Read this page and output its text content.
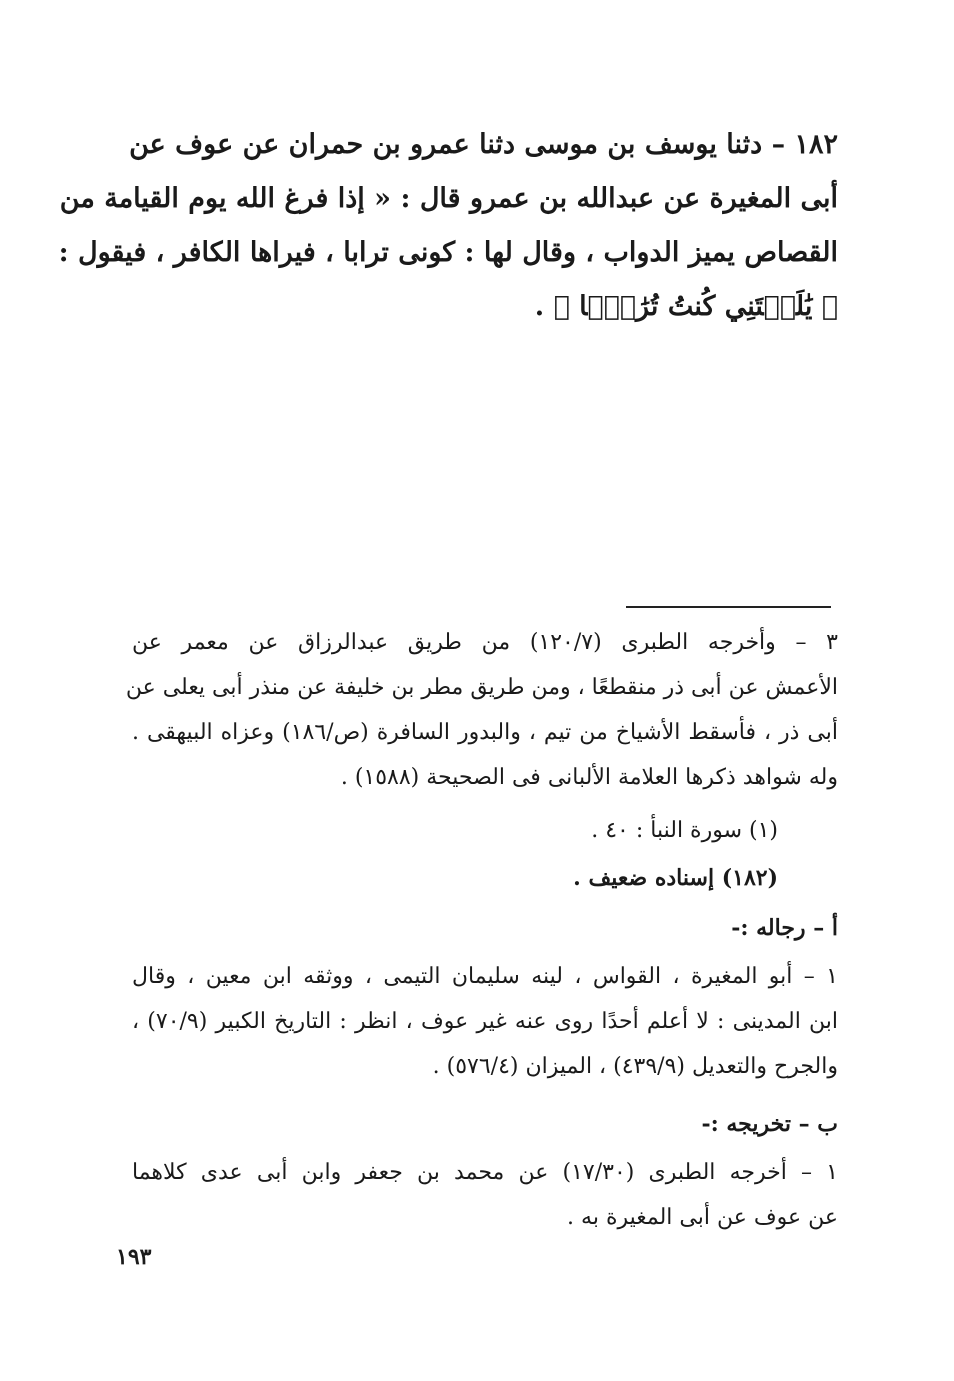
١٨٢ – دثنا يوسف بن موسى دثنا عمرو بن حمران عن عوف عن
أبى المغيرة عن عبدالله بن عمرو قال : « إذا فرغ الله يوم القيامة من
القصاص يميز الدواب ، وقال لها : كونى ترابا ، فيراها الكافر ، فيقول :
﴿ يَٰلَيۡتَنِي كُنتُ تُرَٰبَۢا ﴾ .
٣ – وأخرجه الطبرى (١٢٠/٧) من طريق عبدالرزاق عن معمر عن
الأعمش عن أبى ذر منقطعًا ، ومن طريق مطر بن خليفة عن منذر أبى يعلى عن
أبى ذر ، فأسقط الأشياخ من تيم ، والبدور السافرة (ص/١٨٦) وعزاه البيهقى .
وله شواهد ذكرها العلامة الألبانى فى الصحيحة (١٥٨٨) .
(١) سورة النبأ : ٤٠ .
(١٨٢) إسناده ضعيف .
أ – رجاله :-
١ – أبو المغيرة ، القواس ، لينه سليمان التيمى ، ووثقه ابن معين ، وقال
ابن المدينى : لا أعلم أحدًا روى عنه غير عوف ، انظر : التاريخ الكبير (٧٠/٩) ،
والجرح والتعديل (٤٣٩/٩) ، الميزان (٥٧٦/٤) .
ب – تخريجه :-
١ – أخرجه الطبرى (١٧/٣٠) عن محمد بن جعفر وابن أبى عدى كلاهما
عن عوف عن أبى المغيرة به .
١٩٣
